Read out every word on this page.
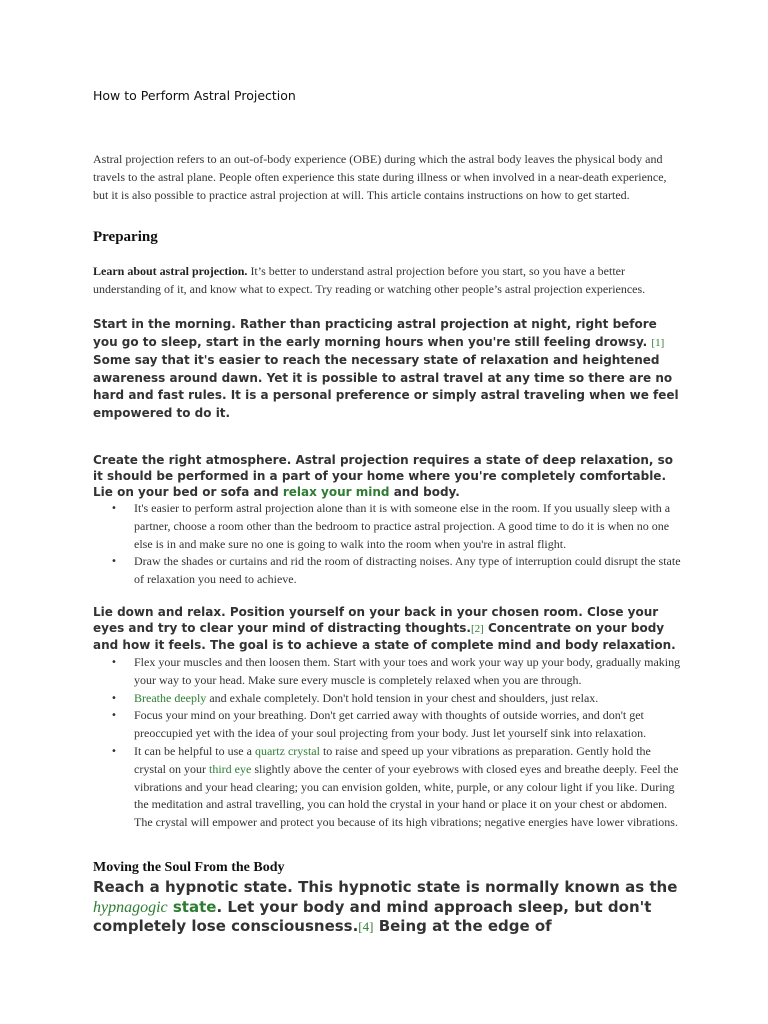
How to Perform Astral Projection

Astral projection refers to an out-of-body experience (OBE) during which the astral body leaves the physical body and travels to the astral plane. People often experience this state during illness or when involved in a near-death experience, but it is also possible to practice astral projection at will. This article contains instructions on how to get started.

Preparing

Learn about astral projection. It’s better to understand astral projection before you start, so you have a better understanding of it, and know what to expect. Try reading or watching other people’s astral projection experiences.

Start in the morning. Rather than practicing astral projection at night, right before you go to sleep, start in the early morning hours when you're still feeling drowsy. [1] Some say that it's easier to reach the necessary state of relaxation and heightened awareness around dawn. Yet it is possible to astral travel at any time so there are no hard and fast rules. It is a personal preference or simply astral traveling when we feel empowered to do it.

Create the right atmosphere. Astral projection requires a state of deep relaxation, so it should be performed in a part of your home where you're completely comfortable. Lie on your bed or sofa and relax your mind and body.

• It's easier to perform astral projection alone than it is with someone else in the room. If you usually sleep with a partner, choose a room other than the bedroom to practice astral projection. A good time to do it is when no one else is in and make sure no one is going to walk into the room when you're in astral flight.
• Draw the shades or curtains and rid the room of distracting noises. Any type of interruption could disrupt the state of relaxation you need to achieve.

Lie down and relax. Position yourself on your back in your chosen room. Close your eyes and try to clear your mind of distracting thoughts.[2] Concentrate on your body and how it feels. The goal is to achieve a state of complete mind and body relaxation.

• Flex your muscles and then loosen them. Start with your toes and work your way up your body, gradually making your way to your head. Make sure every muscle is completely relaxed when you are through.
• Breathe deeply and exhale completely. Don't hold tension in your chest and shoulders, just relax.
• Focus your mind on your breathing. Don't get carried away with thoughts of outside worries, and don't get preoccupied yet with the idea of your soul projecting from your body. Just let yourself sink into relaxation.
• It can be helpful to use a quartz crystal to raise and speed up your vibrations as preparation. Gently hold the crystal on your third eye slightly above the center of your eyebrows with closed eyes and breathe deeply. Feel the vibrations and your head clearing; you can envision golden, white, purple, or any colour light if you like. During the meditation and astral travelling, you can hold the crystal in your hand or place it on your chest or abdomen. The crystal will empower and protect you because of its high vibrations; negative energies have lower vibrations.
Moving the Soul From the Body

Reach a hypnotic state. This hypnotic state is normally known as the hypnagogic state. Let your body and mind approach sleep, but don't completely lose consciousness.[4] Being at the edge of
